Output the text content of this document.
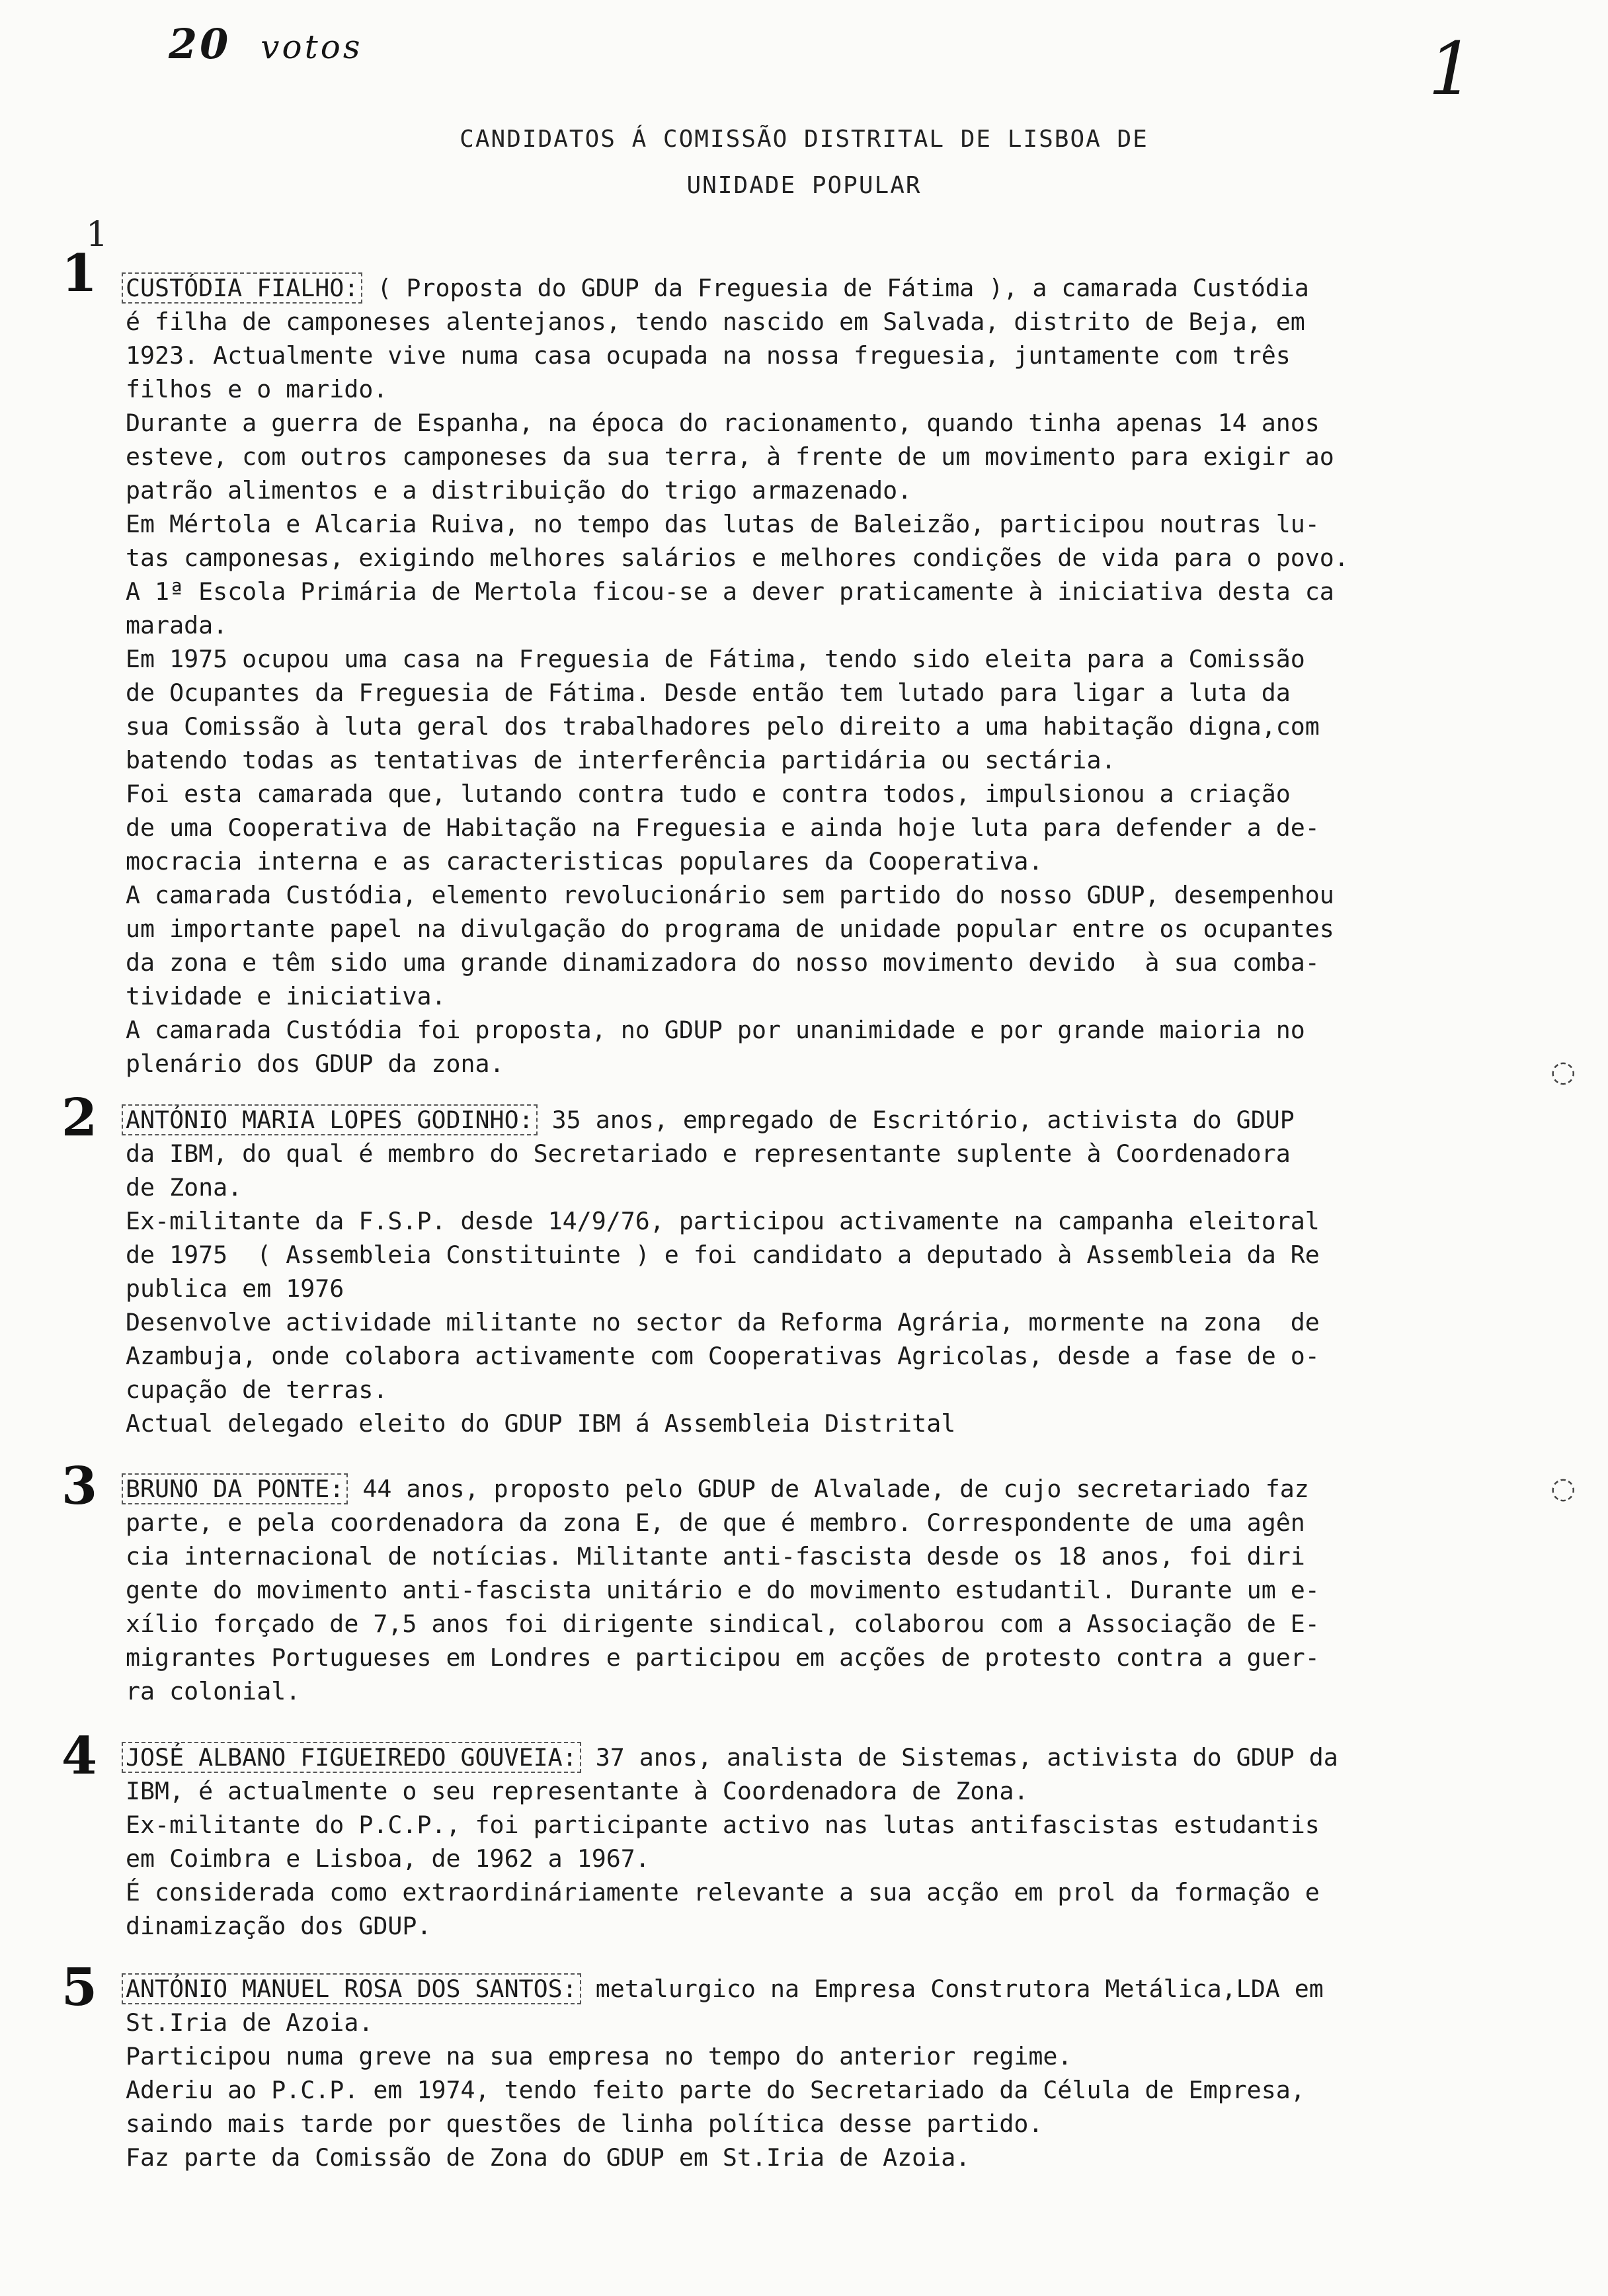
20 votos	1
CANDIDATOS Á COMISSÃO DISTRITAL DE LISBOA DE
UNIDADE POPULAR
1
1	CUSTÓDIA FIALHO: ( Proposta do GDUP da Freguesia de Fátima ), a camarada Custódia
é filha de camponeses alentejanos, tendo nascido em Salvada, distrito de Beja, em
1923. Actualmente vive numa casa ocupada na nossa freguesia, juntamente com três
filhos e o marido.
Durante a guerra de Espanha, na época do racionamento, quando tinha apenas 14 anos
esteve, com outros camponeses da sua terra, à frente de um movimento para exigir ao
patrão alimentos e a distribuição do trigo armazenado.
Em Mértola e Alcaria Ruiva, no tempo das lutas de Baleizão, participou noutras lu-
tas camponesas, exigindo melhores salários e melhores condições de vida para o povo.
A 1ª Escola Primária de Mertola ficou-se a dever praticamente à iniciativa desta ca
marada.
Em 1975 ocupou uma casa na Freguesia de Fátima, tendo sido eleita para a Comissão
de Ocupantes da Freguesia de Fátima. Desde então tem lutado para ligar a luta da
sua Comissão à luta geral dos trabalhadores pelo direito a uma habitação digna,com
batendo todas as tentativas de interferência partidária ou sectária.
Foi esta camarada que, lutando contra tudo e contra todos, impulsionou a criação
de uma Cooperativa de Habitação na Freguesia e ainda hoje luta para defender a de-
mocracia interna e as caracteristicas populares da Cooperativa.
A camarada Custódia, elemento revolucionário sem partido do nosso GDUP, desempenhou
um importante papel na divulgação do programa de unidade popular entre os ocupantes
da zona e têm sido uma grande dinamizadora do nosso movimento devido  à sua comba-
tividade e iniciativa.
A camarada Custódia foi proposta, no GDUP por unanimidade e por grande maioria no
plenário dos GDUP da zona.
2	ANTÓNIO MARIA LOPES GODINHO: 35 anos, empregado de Escritório, activista do GDUP
da IBM, do qual é membro do Secretariado e representante suplente à Coordenadora
de Zona.
Ex-militante da F.S.P. desde 14/9/76, participou activamente na campanha eleitoral
de 1975  ( Assembleia Constituinte ) e foi candidato a deputado à Assembleia da Re
publica em 1976
Desenvolve actividade militante no sector da Reforma Agrária, mormente na zona  de
Azambuja, onde colabora activamente com Cooperativas Agricolas, desde a fase de o-
cupação de terras.
Actual delegado eleito do GDUP IBM á Assembleia Distrital
3	BRUNO DA PONTE: 44 anos, proposto pelo GDUP de Alvalade, de cujo secretariado faz
parte, e pela coordenadora da zona E, de que é membro. Correspondente de uma agên
cia internacional de notícias. Militante anti-fascista desde os 18 anos, foi diri
gente do movimento anti-fascista unitário e do movimento estudantil. Durante um e-
xílio forçado de 7,5 anos foi dirigente sindical, colaborou com a Associação de E-
migrantes Portugueses em Londres e participou em acções de protesto contra a guer-
ra colonial.
4	JOSÉ ALBANO FIGUEIREDO GOUVEIA: 37 anos, analista de Sistemas, activista do GDUP da
IBM, é actualmente o seu representante à Coordenadora de Zona.
Ex-militante do P.C.P., foi participante activo nas lutas antifascistas estudantis
em Coimbra e Lisboa, de 1962 a 1967.
É considerada como extraordináriamente relevante a sua acção em prol da formação e
dinamização dos GDUP.
5	ANTÓNIO MANUEL ROSA DOS SANTOS: metalurgico na Empresa Construtora Metálica,LDA em
St.Iria de Azoia.
Participou numa greve na sua empresa no tempo do anterior regime.
Aderiu ao P.C.P. em 1974, tendo feito parte do Secretariado da Célula de Empresa,
saindo mais tarde por questões de linha política desse partido.
Faz parte da Comissão de Zona do GDUP em St.Iria de Azoia.
◌
◌
